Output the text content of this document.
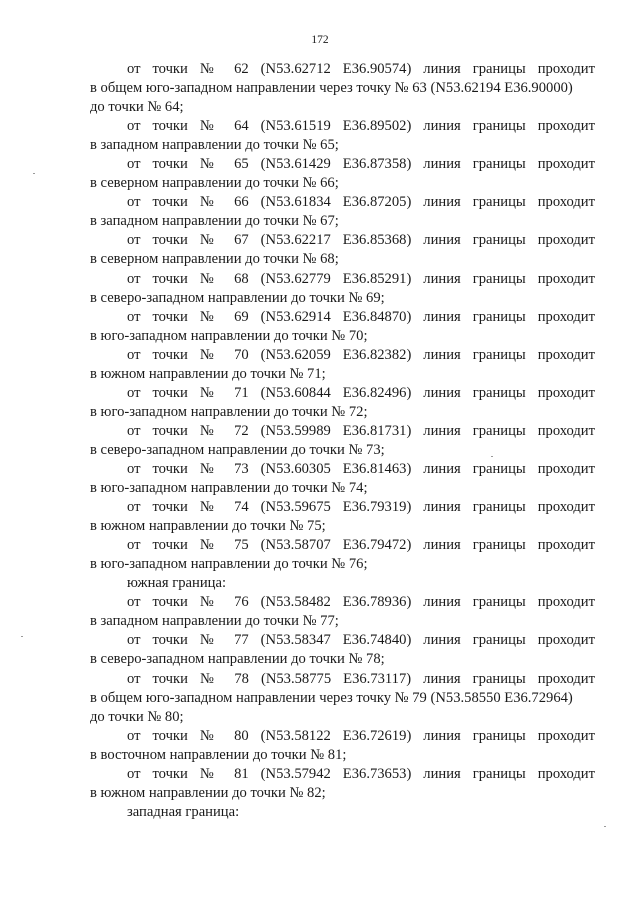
172
от точки № 62 (N53.62712 E36.90574) линия границы проходит
в общем юго-западном направлении через точку № 63 (N53.62194 E36.90000)
до точки № 64;
от точки № 64 (N53.61519 E36.89502) линия границы проходит
в западном направлении до точки № 65;
от точки № 65 (N53.61429 E36.87358) линия границы проходит
в северном направлении до точки № 66;
от точки № 66 (N53.61834 E36.87205) линия границы проходит
в западном направлении до точки № 67;
от точки № 67 (N53.62217 E36.85368) линия границы проходит
в северном направлении до точки № 68;
от точки № 68 (N53.62779 E36.85291) линия границы проходит
в северо-западном направлении до точки № 69;
от точки № 69 (N53.62914 E36.84870) линия границы проходит
в юго-западном направлении до точки № 70;
от точки № 70 (N53.62059 E36.82382) линия границы проходит
в южном направлении до точки № 71;
от точки № 71 (N53.60844 E36.82496) линия границы проходит
в юго-западном направлении до точки № 72;
от точки № 72 (N53.59989 E36.81731) линия границы проходит
в северо-западном направлении до точки № 73;
от точки № 73 (N53.60305 E36.81463) линия границы проходит
в юго-западном направлении до точки № 74;
от точки № 74 (N53.59675 E36.79319) линия границы проходит
в южном направлении до точки № 75;
от точки № 75 (N53.58707 E36.79472) линия границы проходит
в юго-западном направлении до точки № 76;
южная граница:
от точки № 76 (N53.58482 E36.78936) линия границы проходит
в западном направлении до точки № 77;
от точки № 77 (N53.58347 E36.74840) линия границы проходит
в северо-западном направлении до точки № 78;
от точки № 78 (N53.58775 E36.73117) линия границы проходит
в общем юго-западном направлении через точку № 79 (N53.58550 E36.72964)
до точки № 80;
от точки № 80 (N53.58122 E36.72619) линия границы проходит
в восточном направлении до точки № 81;
от точки № 81 (N53.57942 E36.73653) линия границы проходит
в южном направлении до точки № 82;
западная граница:
